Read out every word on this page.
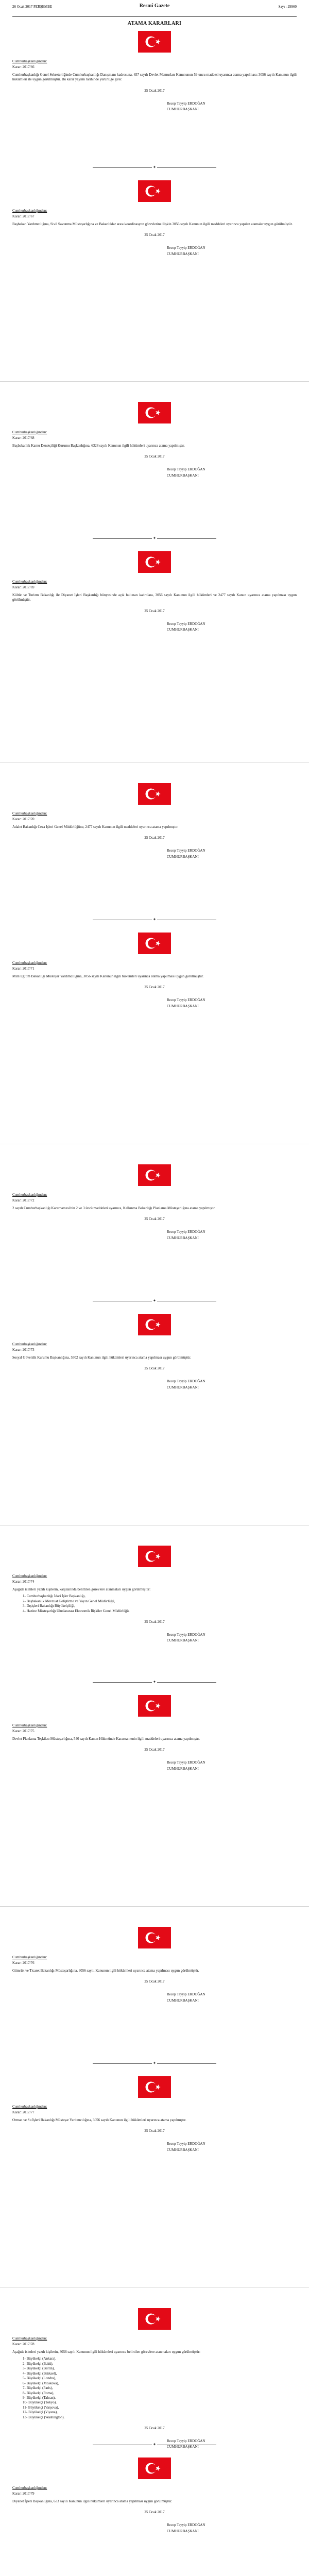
26 Ocak 2017 PERŞEMBE	Resmî Gazete	Sayı : 29960
ATAMA KARARLARI
Cumhurbaşkanlığından:
Karar: 2017/66
Cumhurbaşkanlığı Genel Sekreterliğinde Cumhurbaşkanlığı Danışmanı kadrosuna, 657 sayılı Devlet Memurları Kanununun 59 uncu maddesi uyarınca atama yapılması; 3056 sayılı Kanunun ilgili hükümleri ile uygun görülmüştür. Bu karar yayımı tarihinde yürürlüğe girer.
25 Ocak 2017
Recep Tayyip ERDOĞAN
CUMHURBAŞKANI
✦
Cumhurbaşkanlığından:
Karar: 2017/67
Başbakan Yardımcılığına, Sivil Savunma Müsteşarlığına ve Bakanlıklar arası koordinasyon görevlerine ilişkin 3056 sayılı Kanunun ilgili maddeleri uyarınca yapılan atamalar uygun görülmüştür.
25 Ocak 2017
Recep Tayyip ERDOĞAN
CUMHURBAŞKANI
Cumhurbaşkanlığından:
Karar: 2017/68
Başbakanlık Kamu Denetçiliği Kurumu Başkanlığına, 6328 sayılı Kanunun ilgili hükümleri uyarınca atama yapılmıştır.
25 Ocak 2017
Recep Tayyip ERDOĞAN
CUMHURBAŞKANI
✦
Cumhurbaşkanlığından:
Karar: 2017/69
Kültür ve Turizm Bakanlığı ile Diyanet İşleri Başkanlığı bünyesinde açık bulunan kadrolara, 3056 sayılı Kanunun ilgili hükümleri ve 2477 sayılı Kanun uyarınca atama yapılması uygun görülmüştür.
25 Ocak 2017
Recep Tayyip ERDOĞAN
CUMHURBAŞKANI
Cumhurbaşkanlığından:
Karar: 2017/70
Adalet Bakanlığı Ceza İşleri Genel Müdürlüğüne, 2477 sayılı Kanunun ilgili maddeleri uyarınca atama yapılmıştır.
25 Ocak 2017
Recep Tayyip ERDOĞAN
CUMHURBAŞKANI
✦
Cumhurbaşkanlığından:
Karar: 2017/71
Milli Eğitim Bakanlığı Müsteşar Yardımcılığına, 3056 sayılı Kanunun ilgili hükümleri uyarınca atama yapılması uygun görülmüştür.
25 Ocak 2017
Recep Tayyip ERDOĞAN
CUMHURBAŞKANI
Cumhurbaşkanlığından:
Karar: 2017/72
2 sayılı Cumhurbaşkanlığı Kararnamesi'nin 2 ve 3 üncü maddeleri uyarınca, Kalkınma Bakanlığı Planlama Müsteşarlığına atama yapılmıştır.
25 Ocak 2017
Recep Tayyip ERDOĞAN
CUMHURBAŞKANI
✦
Cumhurbaşkanlığından:
Karar: 2017/73
Sosyal Güvenlik Kurumu Başkanlığına, 5502 sayılı Kanunun ilgili hükümleri uyarınca atama yapılması uygun görülmüştür.
25 Ocak 2017
Recep Tayyip ERDOĞAN
CUMHURBAŞKANI
Cumhurbaşkanlığından:
Karar: 2017/74
Aşağıda isimleri yazılı kişilerin, karşılarında belirtilen görevlere atanmaları uygun görülmüştür:
1- Cumhurbaşkanlığı İdari İşler Başkanlığı,
2- Başbakanlık Mevzuat Geliştirme ve Yayın Genel Müdürlüğü,
3- Dışişleri Bakanlığı Büyükelçiliği,
4- Hazine Müsteşarlığı Uluslararası Ekonomik İlişkiler Genel Müdürlüğü.
25 Ocak 2017
Recep Tayyip ERDOĞAN
CUMHURBAŞKANI
✦
Cumhurbaşkanlığından:
Karar: 2017/75
Devlet Planlama Teşkilatı Müsteşarlığına, 540 sayılı Kanun Hükmünde Kararnamenin ilgili maddeleri uyarınca atama yapılmıştır.
25 Ocak 2017
Recep Tayyip ERDOĞAN
CUMHURBAŞKANI
Cumhurbaşkanlığından:
Karar: 2017/76
Gümrük ve Ticaret Bakanlığı Müsteşarlığına, 3056 sayılı Kanunun ilgili hükümleri uyarınca atama yapılması uygun görülmüştür.
25 Ocak 2017
Recep Tayyip ERDOĞAN
CUMHURBAŞKANI
✦
Cumhurbaşkanlığından:
Karar: 2017/77
Orman ve Su İşleri Bakanlığı Müsteşar Yardımcılığına, 3056 sayılı Kanunun ilgili hükümleri uyarınca atama yapılmıştır.
25 Ocak 2017
Recep Tayyip ERDOĞAN
CUMHURBAŞKANI
Cumhurbaşkanlığından:
Karar: 2017/78
Aşağıda isimleri yazılı kişilerin, 3056 sayılı Kanunun ilgili hükümleri uyarınca belirtilen görevlere atanmaları uygun görülmüştür:
1- Büyükelçi (Ankara),
2- Büyükelçi (Bakü),
3- Büyükelçi (Berlin),
4- Büyükelçi (Brüksel),
5- Büyükelçi (Londra),
6- Büyükelçi (Moskova),
7- Büyükelçi (Paris),
8- Büyükelçi (Roma),
9- Büyükelçi (Tahran),
10- Büyükelçi (Tokyo),
11- Büyükelçi (Varşova),
12- Büyükelçi (Viyana),
13- Büyükelçi (Washington).
25 Ocak 2017
Recep Tayyip ERDOĞAN
CUMHURBAŞKANI
✦
Cumhurbaşkanlığından:
Karar: 2017/79
Diyanet İşleri Başkanlığına, 633 sayılı Kanunun ilgili hükümleri uyarınca atama yapılması uygun görülmüştür.
25 Ocak 2017
Recep Tayyip ERDOĞAN
CUMHURBAŞKANI
